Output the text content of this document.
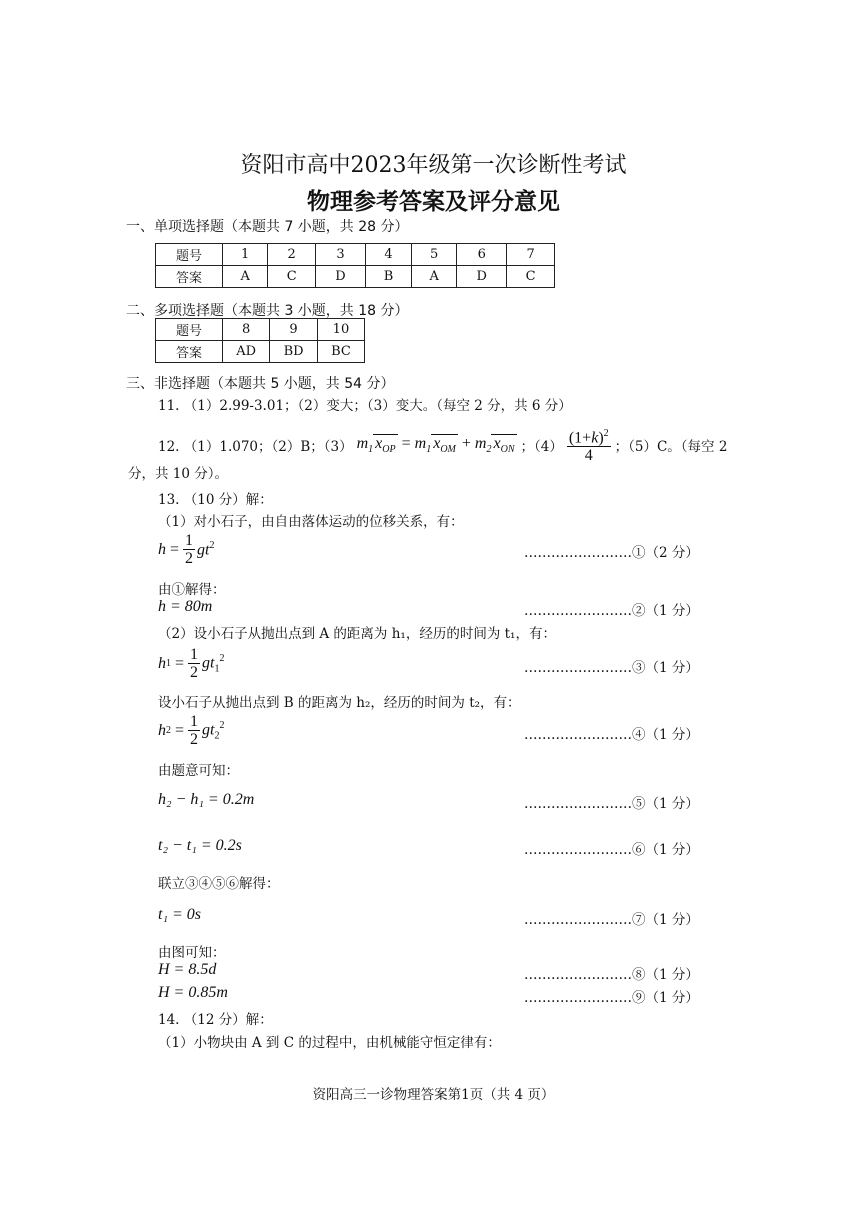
资阳市高中2023年级第一次诊断性考试
物理参考答案及评分意见
一、单项选择题（本题共 7 小题，共 28 分）
题号	1	2	3	4	5	6	7
答案	A	C	D	B	A	D	C
二、多项选择题（本题共 3 小题，共 18 分）
题号	8	9	10
答案	AD	BD	BC
三、非选择题（本题共 5 小题，共 54 分）
11. （1）2.99-3.01；（2）变大；（3）变大。（每空 2 分，共 6 分）
12. （1）1.070；（2）B；（3） $m_1$ $x_{OP} = m_1$ $x_{OM} + m_2$ $x_{ON}$ ；$(4) \frac{(1+k)^2}{4}$ ；（5）C。（每空 2
分，共 10 分）。
13. （10 分）解：
（1）对小石子，由自由落体运动的位移关系，有：
$h = \frac{1}{2} gt^2$	……………………①（2 分）
由①解得：
h = 80m	……………………②（1 分）
（2）设小石子从抛出点到 A 的距离为 h₁，经历的时间为 t₁，有：
h $1 = \frac{1}{2} gt_1^2$
……………………③（1 分）
设小石子从抛出点到 B 的距离为 h₂，经历的时间为 t₂，有：
h $2 = \frac{1}{2} gt_2^2$
……………………④（1 分）
由题意可知：
h₂ − h₁ = 0.2m	……………………⑤（1 分）
t₂ − t₁ = 0.2s	……………………⑥（1 分）
联立③④⑤⑥解得：
t₁ = 0s	……………………⑦（1 分）
由图可知：
H = 8.5d	……………………⑧（1 分）
H = 0.85m	……………………⑨（1 分）
14. （12 分）解：
（1）小物块由 A 到 C 的过程中，由机械能守恒定律有：
资阳高三一诊物理答案第1页（共 4 页）
